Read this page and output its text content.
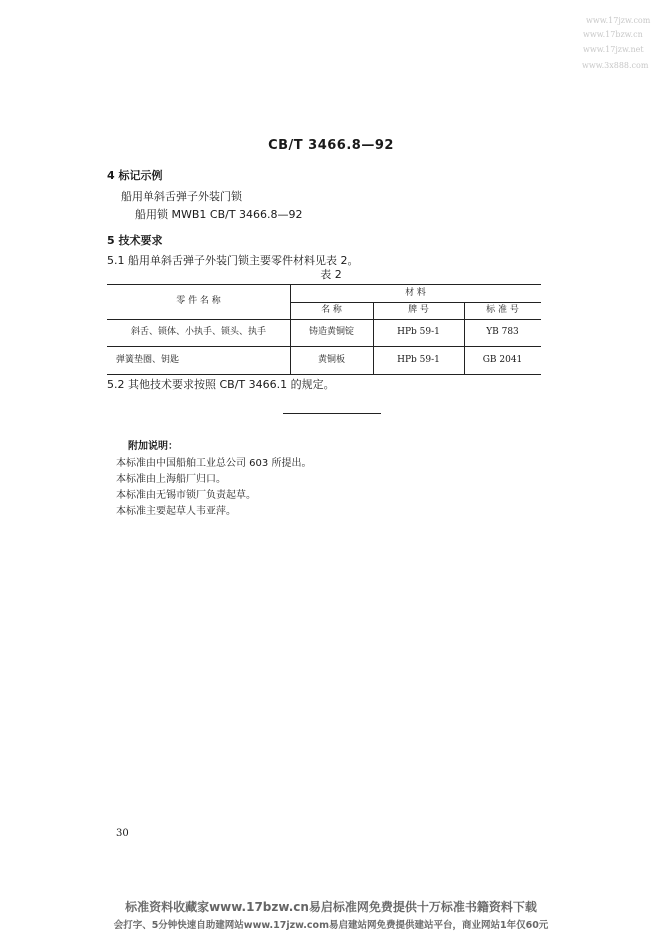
www.17jzw.com
www.17bzw.cn
www.17jzw.net
www.3x888.com
CB/T 3466.8—92
4 标记示例
船用单斜舌弹子外装门锁
船用锁 MWB1 CB/T 3466.8—92
5 技术要求
5.1 船用单斜舌弹子外装门锁主要零件材料见表 2。
表 2
零 件 名 称
材 料
名 称	牌 号	标 准 号
斜舌、锁体、小执手、锁头、执手	铸造黄铜锭	HPb 59-1	YB 783
弹簧垫圈、钥匙	黄铜板	HPb 59-1	GB 2041
5.2 其他技术要求按照 CB/T 3466.1 的规定。
附加说明：
本标准由中国船舶工业总公司 603 所提出。
本标准由上海船厂归口。
本标准由无锡市锁厂负责起草。
本标准主要起草人韦亚萍。
30
标准资料收藏家www.17bzw.cn易启标准网免费提供十万标准书籍资料下载
会打字、5分钟快速自助建网站www.17jzw.com易启建站网免费提供建站平台，商业网站1年仅60元
